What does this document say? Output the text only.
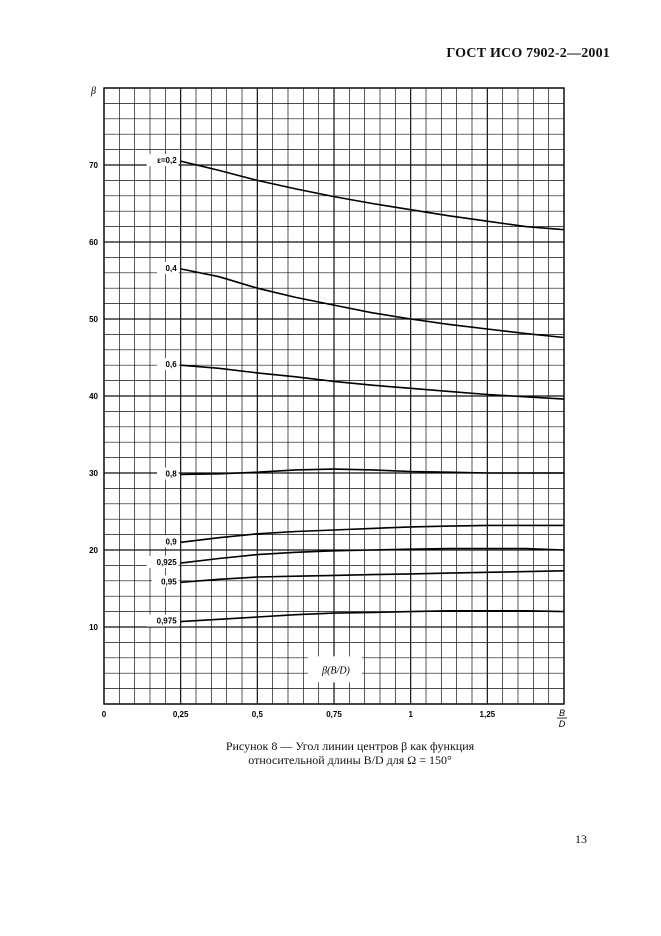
ГОСТ ИСО 7902-2—2001
ε=0,2
0,4
0,6
0,8
0,9
0,925
0,95
0,975
10
20
30
40
50
60
70
0	0,25	0,5	0,75	1	1,25
β
B
D
β(B/D)
Рисунок 8 — Угол линии центров β как функция
относительной длины B/D для Ω = 150°
13
